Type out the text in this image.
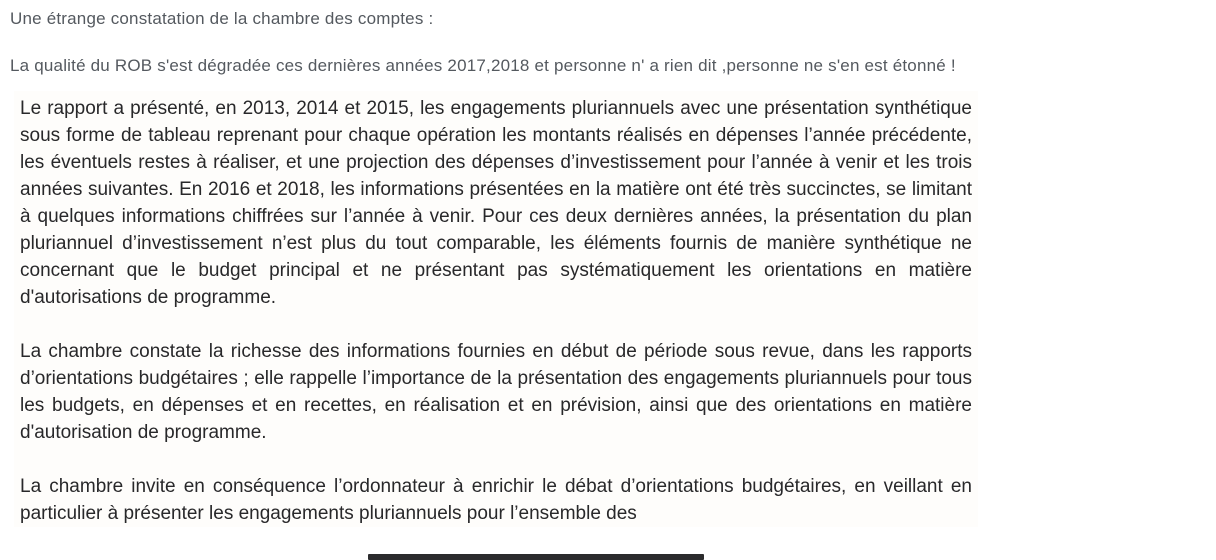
Une étrange constatation de la chambre des comptes :

La qualité du ROB s'est dégradée ces dernières années 2017,2018 et personne n' a rien dit ,personne ne s'en est étonné !

Le rapport a présenté, en 2013, 2014 et 2015, les engagements pluriannuels avec une présentation synthétique sous forme de tableau reprenant pour chaque opération les montants réalisés en dépenses l’année précédente, les éventuels restes à réaliser, et une projection des dépenses d’investissement pour l’année à venir et les trois années suivantes. En 2016 et 2018, les informations présentées en la matière ont été très succinctes, se limitant à quelques informations chiffrées sur l’année à venir. Pour ces deux dernières années, la présentation du plan pluriannuel d’investissement n’est plus du tout comparable, les éléments fournis de manière synthétique ne concernant que le budget principal et ne présentant pas systématiquement les orientations en matière d'autorisations de programme.

La chambre constate la richesse des informations fournies en début de période sous revue, dans les rapports d’orientations budgétaires ; elle rappelle l’importance de la présentation des engagements pluriannuels pour tous les budgets, en dépenses et en recettes, en réalisation et en prévision, ainsi que des orientations en matière d'autorisation de programme.

La chambre invite en conséquence l’ordonnateur à enrichir le débat d’orientations budgétaires, en veillant en particulier à présenter les engagements pluriannuels pour l’ensemble des
